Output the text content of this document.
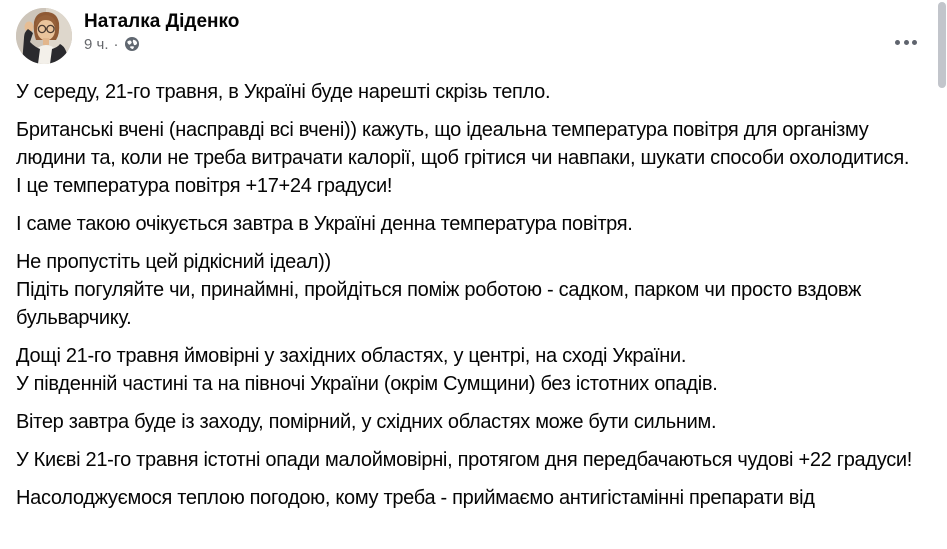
Наталка Діденко
9 ч. ·

У середу, 21-го травня, в Україні буде нарешті скрізь тепло.

Британські вчені (насправді всі вчені)) кажуть, що ідеальна температура повітря для організму людини та, коли не треба витрачати калорії, щоб грітися чи навпаки, шукати способи охолодитися.
І це температура повітря +17+24 градуси!

І саме такою очікується завтра в Україні денна температура повітря.

Не пропустіть цей рідкісний ідеал))
Підіть погуляйте чи, принаймні, пройдіться поміж роботою - садком, парком чи просто вздовж бульварчику.

Дощі 21-го травня ймовірні у західних областях, у центрі, на сході України.
У південній частині та на півночі України (окрім Сумщини) без істотних опадів.

Вітер завтра буде із заходу, помірний, у східних областях може бути сильним.

У Києві 21-го травня істотні опади малоймовірні, протягом дня передбачаються чудові +22 градуси!

Насолоджуємося теплою погодою, кому треба - приймаємо антигістамінні препарати від
